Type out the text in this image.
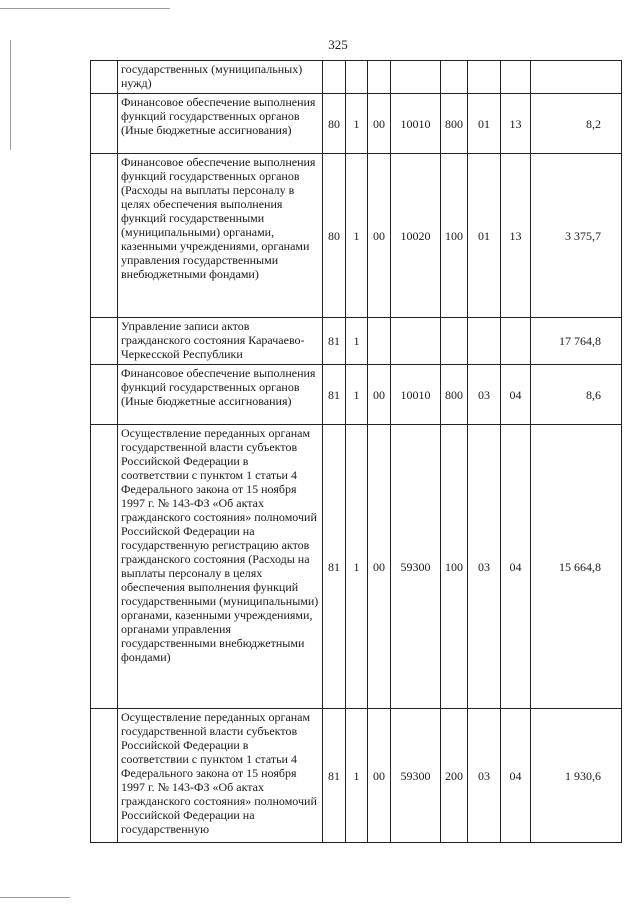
325
	государственных (муниципальных) нужд)								
	Финансовое обеспечение выполнения функций государственных органов (Иные бюджетные ассигнования)	80	1	00	10010	800	01	13	8,2
	Финансовое обеспечение выполнения функций государственных органов (Расходы на выплаты персоналу в целях обеспечения выполнения функций государственными (муниципальными) органами, казенными учреждениями, органами управления государственными внебюджетными фондами)	80	1	00	10020	100	01	13	3 375,7
	Управление записи актов гражданского состояния Карачаево-Черкесской Республики	81	1						17 764,8
	Финансовое обеспечение выполнения функций государственных органов (Иные бюджетные ассигнования)	81	1	00	10010	800	03	04	8,6
	Осуществление переданных органам государственной власти субъектов Российской Федерации в соответствии с пунктом 1 статьи 4 Федерального закона от 15 ноября 1997 г. № 143-ФЗ «Об актах гражданского состояния» полномочий Российской Федерации на государственную регистрацию актов гражданского состояния (Расходы на выплаты персоналу в целях обеспечения выполнения функций государственными (муниципальными) органами, казенными учреждениями, органами управления государственными внебюджетными фондами)	81	1	00	59300	100	03	04	15 664,8
	Осуществление переданных органам государственной власти субъектов Российской Федерации в соответствии с пунктом 1 статьи 4 Федерального закона от 15 ноября 1997 г. № 143-ФЗ «Об актах гражданского состояния» полномочий Российской Федерации на государственную	81	1	00	59300	200	03	04	1 930,6
